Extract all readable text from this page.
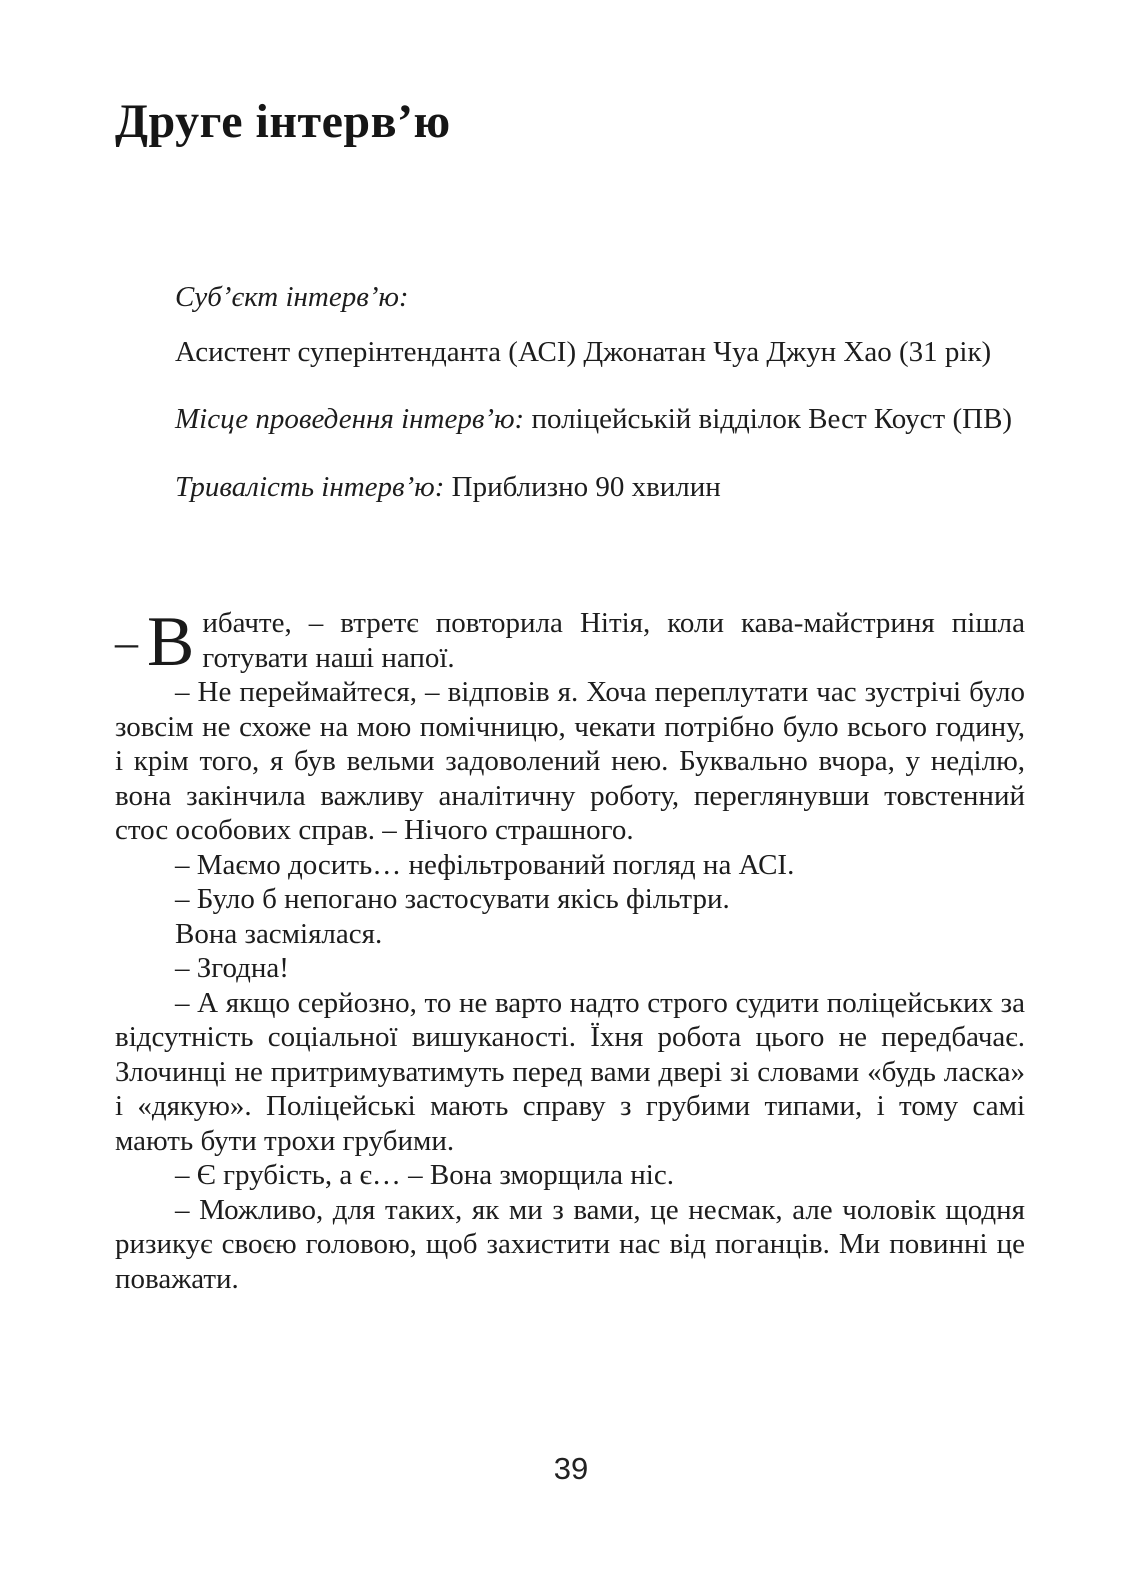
Друге інтерв’ю

Суб’єкт інтерв’ю:

Асистент суперінтенданта (АСІ) Джонатан Чуа Джун Хао (31 рік)

Місце проведення інтерв’ю: поліцейській відділок Вест Коуст (ПВ)

Тривалість інтерв’ю: Приблизно 90 хвилин

– В ибачте, – втретє повторила Нітія, коли кава-майстриня пішла готувати наші напої.

– Не переймайтеся, – відповів я. Хоча переплутати час зустрічі було зовсім не схоже на мою помічницю, чекати потрібно було всього годину, і крім того, я був вельми задоволений нею. Буквально вчора, у неділю, вона закінчила важливу аналітичну роботу, переглянувши товстенний стос особових справ. – Нічого страшного.

– Маємо досить… нефільтрований погляд на АСІ.

– Було б непогано застосувати якісь фільтри.

Вона засміялася.

– Згодна!

– А якщо серйозно, то не варто надто строго судити поліцейських за відсутність соціальної вишуканості. Їхня робота цього не передбачає. Злочинці не притримуватимуть перед вами двері зі словами «будь ласка» і «дякую». Поліцейські мають справу з грубими типами, і тому самі мають бути трохи грубими.

– Є грубість, а є… – Вона зморщила ніс.

– Можливо, для таких, як ми з вами, це несмак, але чоловік щодня ризикує своєю головою, щоб захистити нас від поганців. Ми повинні це поважати.

39
